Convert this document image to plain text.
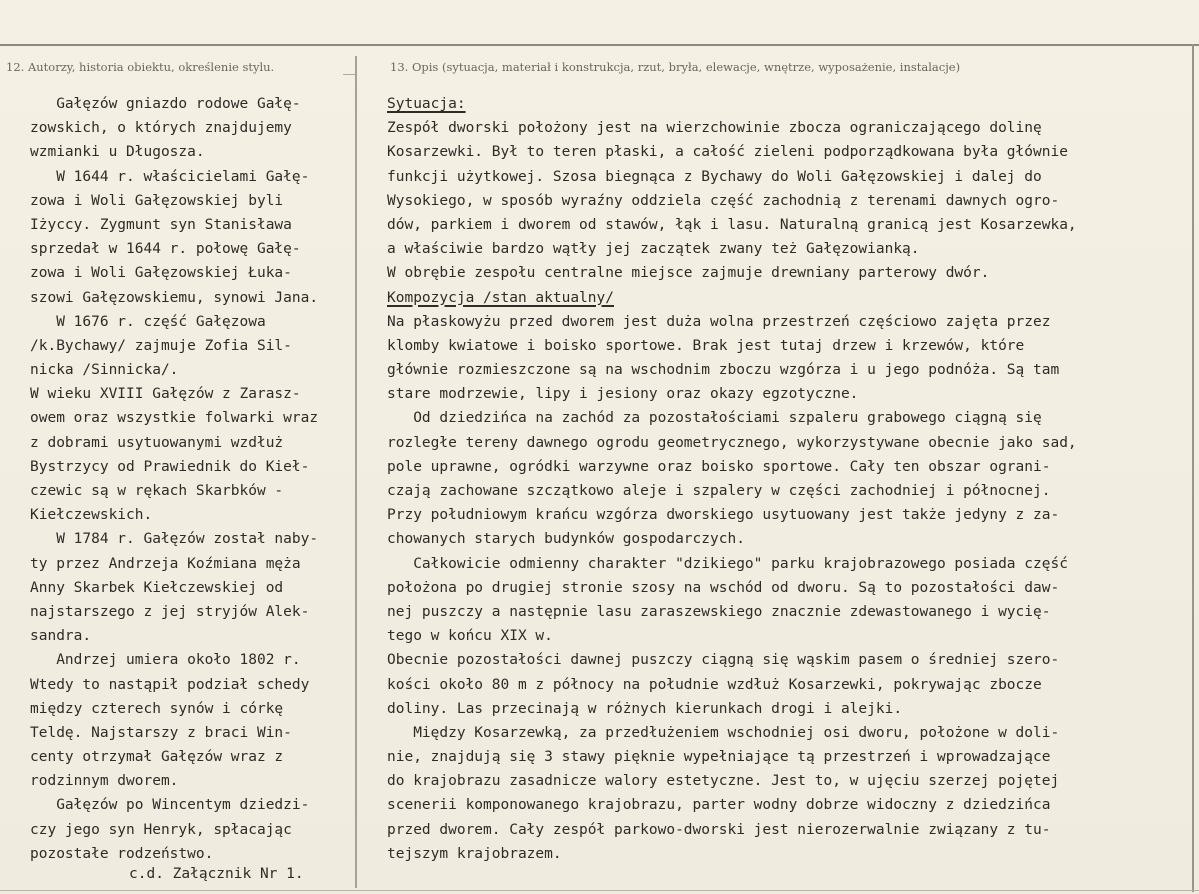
12. Autorzy, historia obiektu, określenie stylu.	13. Opis (sytuacja, materiał i konstrukcja, rzut, bryła, elewacje, wnętrze, wyposażenie, instalacje)
Gałęzów gniazdo rodowe Gałę-
zowskich, o których znajdujemy
wzmianki u Długosza.
W 1644 r. właścicielami Gałę-
zowa i Woli Gałęzowskiej byli
Iżyccy. Zygmunt syn Stanisława
sprzedał w 1644 r. połowę Gałę-
zowa i Woli Gałęzowskiej Łuka-
szowi Gałęzowskiemu, synowi Jana.
W 1676 r. część Gałęzowa
/k.Bychawy/ zajmuje Zofia Sil-
nicka /Sinnicka/.
W wieku XVIII Gałęzów z Zarasz-
owem oraz wszystkie folwarki wraz
z dobrami usytuowanymi wzdłuż
Bystrzycy od Prawiednik do Kieł-
czewic są w rękach Skarbków -
Kiełczewskich.
W 1784 r. Gałęzów został naby-
ty przez Andrzeja Koźmiana męża
Anny Skarbek Kiełczewskiej od
najstarszego z jej stryjów Alek-
sandra.
Andrzej umiera około 1802 r.
Wtedy to nastąpił podział schedy
między czterech synów i córkę
Teldę. Najstarszy z braci Win-
centy otrzymał Gałęzów wraz z
rodzinnym dworem.
Gałęzów po Wincentym dziedzi-
czy jego syn Henryk, spłacając
pozostałe rodzeństwo.
c.d. Załącznik Nr 1.
Sytuacja:
Zespół dworski położony jest na wierzchowinie zbocza ograniczającego dolinę
Kosarzewki. Był to teren płaski, a całość zieleni podporządkowana była głównie
funkcji użytkowej. Szosa biegnąca z Bychawy do Woli Gałęzowskiej i dalej do
Wysokiego, w sposób wyraźny oddziela część zachodnią z terenami dawnych ogro-
dów, parkiem i dworem od stawów, łąk i lasu. Naturalną granicą jest Kosarzewka,
a właściwie bardzo wątły jej zaczątek zwany też Gałęzowianką.
W obrębie zespołu centralne miejsce zajmuje drewniany parterowy dwór.
Kompozycja /stan aktualny/
Na płaskowyżu przed dworem jest duża wolna przestrzeń częściowo zajęta przez
klomby kwiatowe i boisko sportowe. Brak jest tutaj drzew i krzewów, które
głównie rozmieszczone są na wschodnim zboczu wzgórza i u jego podnóża. Są tam
stare modrzewie, lipy i jesiony oraz okazy egzotyczne.
Od dziedzińca na zachód za pozostałościami szpaleru grabowego ciągną się
rozległe tereny dawnego ogrodu geometrycznego, wykorzystywane obecnie jako sad,
pole uprawne, ogródki warzywne oraz boisko sportowe. Cały ten obszar ograni-
czają zachowane szczątkowo aleje i szpalery w części zachodniej i północnej.
Przy południowym krańcu wzgórza dworskiego usytuowany jest także jedyny z za-
chowanych starych budynków gospodarczych.
Całkowicie odmienny charakter "dzikiego" parku krajobrazowego posiada część
położona po drugiej stronie szosy na wschód od dworu. Są to pozostałości daw-
nej puszczy a następnie lasu zaraszewskiego znacznie zdewastowanego i wycię-
tego w końcu XIX w.
Obecnie pozostałości dawnej puszczy ciągną się wąskim pasem o średniej szero-
kości około 80 m z północy na południe wzdłuż Kosarzewki, pokrywając zbocze
doliny. Las przecinają w różnych kierunkach drogi i alejki.
Między Kosarzewką, za przedłużeniem wschodniej osi dworu, położone w doli-
nie, znajdują się 3 stawy pięknie wypełniające tą przestrzeń i wprowadzające
do krajobrazu zasadnicze walory estetyczne. Jest to, w ujęciu szerzej pojętej
scenerii komponowanego krajobrazu, parter wodny dobrze widoczny z dziedzińca
przed dworem. Cały zespół parkowo-dworski jest nierozerwalnie związany z tu-
tejszym krajobrazem.
